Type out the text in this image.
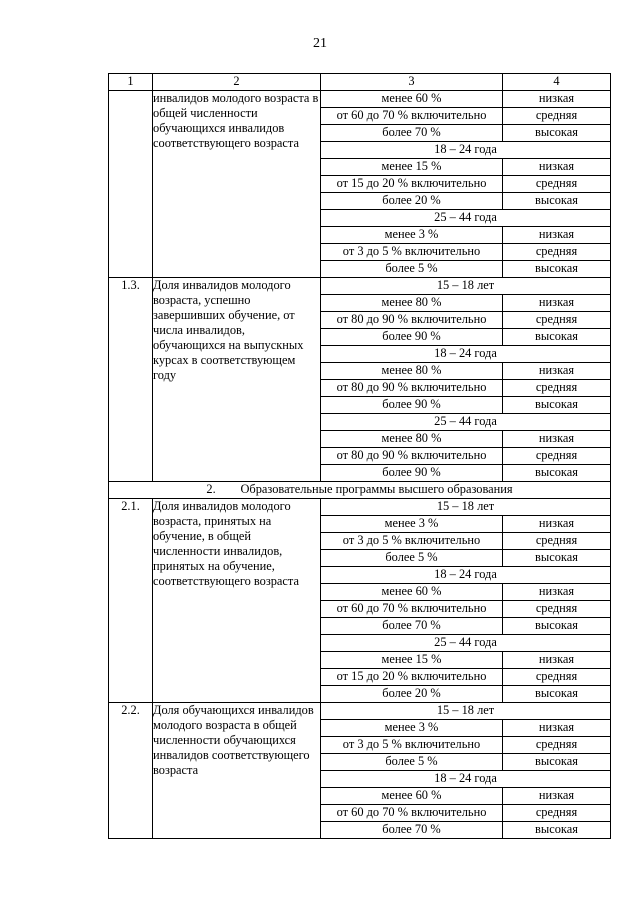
21
1	2	3	4
	инвалидов молодого возраста в общей численности обучающихся инвалидов соответствующего возраста	менее 60 %	низкая
		от 60 до 70 % включительно	средняя
		более 70 %	высокая
		18 – 24 года	
		менее 15 %	низкая
		от 15 до 20 % включительно	средняя
		более 20 %	высокая
		25 – 44 года	
		менее 3 %	низкая
		от 3 до 5 % включительно	средняя
		более 5 %	высокая
1.3.	Доля инвалидов молодого возраста, успешно завершивших обучение, от числа инвалидов, обучающихся на выпускных курсах в соответствующем году	15 – 18 лет	
		менее 80 %	низкая
		от 80 до 90 % включительно	средняя
		более 90 %	высокая
		18 – 24 года	
		менее 80 %	низкая
		от 80 до 90 % включительно	средняя
		более 90 %	высокая
		25 – 44 года	
		менее 80 %	низкая
		от 80 до 90 % включительно	средняя
		более 90 %	высокая
2.        Образовательные программы высшего образования			
2.1.	Доля инвалидов молодого возраста, принятых на обучение, в общей численности инвалидов, принятых на обучение, соответствующего возраста	15 – 18 лет	
		менее 3 %	низкая
		от 3 до 5 % включительно	средняя
		более 5 %	высокая
		18 – 24 года	
		менее 60 %	низкая
		от 60 до 70 % включительно	средняя
		более 70 %	высокая
		25 – 44 года	
		менее 15 %	низкая
		от 15 до 20 % включительно	средняя
		более 20 %	высокая
2.2.	Доля обучающихся инвалидов молодого возраста в общей численности обучающихся инвалидов соответствующего возраста	15 – 18 лет	
		менее 3 %	низкая
		от 3 до 5 % включительно	средняя
		более 5 %	высокая
		18 – 24 года	
		менее 60 %	низкая
		от 60 до 70 % включительно	средняя
		более 70 %	высокая
